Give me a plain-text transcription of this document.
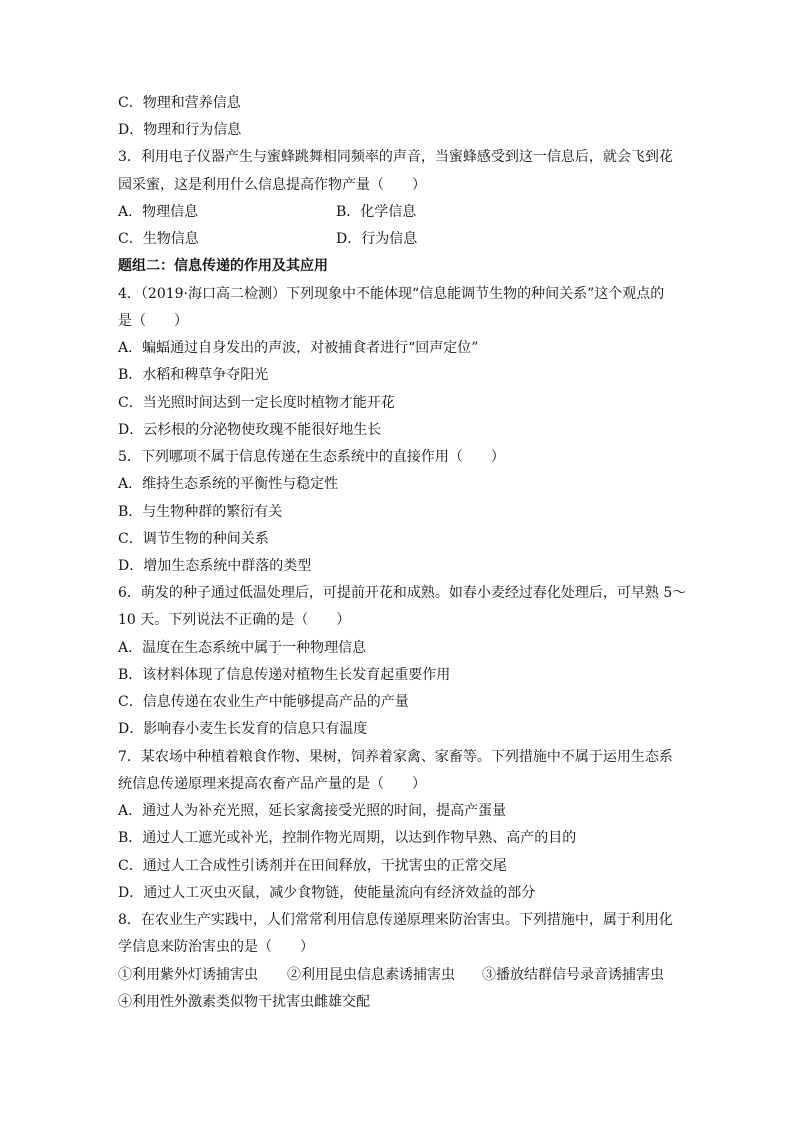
C．物理和营养信息
D．物理和行为信息
3．利用电子仪器产生与蜜蜂跳舞相同频率的声音，当蜜蜂感受到这一信息后，就会飞到花
园采蜜，这是利用什么信息提高作物产量（　　）
A．物理信息	B．化学信息
C．生物信息	D．行为信息
题组二：信息传递的作用及其应用
4．（2019·海口高二检测）下列现象中不能体现“信息能调节生物的种间关系”这个观点的
是（　　）
A．蝙蝠通过自身发出的声波，对被捕食者进行“回声定位”
B．水稻和稗草争夺阳光
C．当光照时间达到一定长度时植物才能开花
D．云杉根的分泌物使玫瑰不能很好地生长
5．下列哪项不属于信息传递在生态系统中的直接作用（　　）
A．维持生态系统的平衡性与稳定性
B．与生物种群的繁衍有关
C．调节生物的种间关系
D．增加生态系统中群落的类型
6．萌发的种子通过低温处理后，可提前开花和成熟。如春小麦经过春化处理后，可早熟 5～
10 天。下列说法不正确的是（　　）
A．温度在生态系统中属于一种物理信息
B．该材料体现了信息传递对植物生长发育起重要作用
C．信息传递在农业生产中能够提高产品的产量
D．影响春小麦生长发育的信息只有温度
7．某农场中种植着粮食作物、果树，饲养着家禽、家畜等。下列措施中不属于运用生态系
统信息传递原理来提高农畜产品产量的是（　　）
A．通过人为补充光照，延长家禽接受光照的时间，提高产蛋量
B．通过人工遮光或补光，控制作物光周期，以达到作物早熟、高产的目的
C．通过人工合成性引诱剂并在田间释放，干扰害虫的正常交尾
D．通过人工灭虫灭鼠，减少食物链，使能量流向有经济效益的部分
8．在农业生产实践中，人们常常利用信息传递原理来防治害虫。下列措施中，属于利用化
学信息来防治害虫的是（　　）
①利用紫外灯诱捕害虫 ②利用昆虫信息素诱捕害虫 ③播放结群信号录音诱捕害虫
④利用性外激素类似物干扰害虫雌雄交配
